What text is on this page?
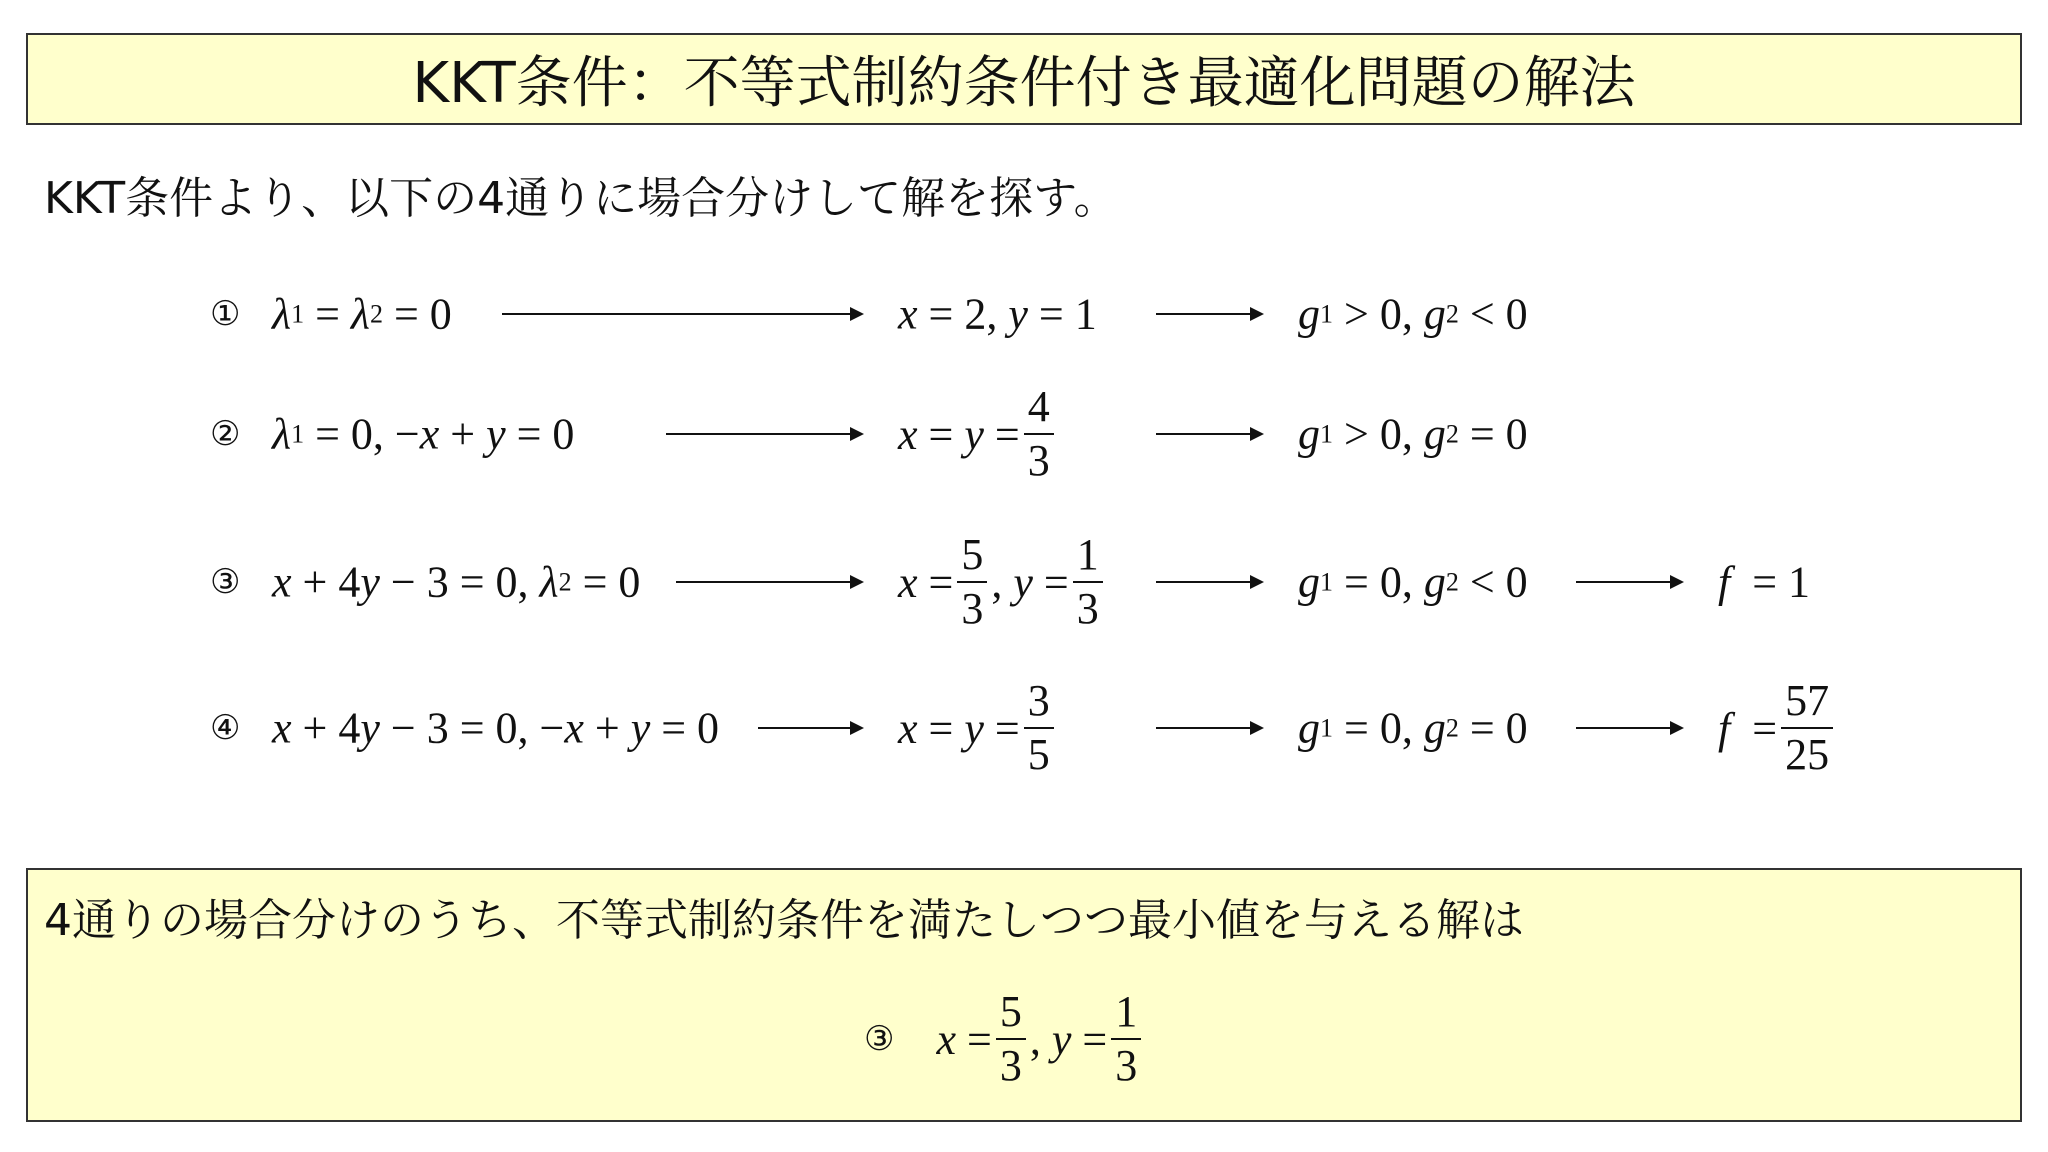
KKT条件：不等式制約条件付き最適化問題の解法
KKT条件より、以下の4通りに場合分けして解を探す。
① λ 1 = λ 2 = 0	x = 2, y = 1	g 1 > 0, g 2 < 0
② λ 1 = 0, − x + y = 0	$x = y = \frac{4}{3}$	g 1 > 0, g 2 = 0
③ x + 4 y − 3 = 0, λ 2 = 0	$x = \frac{5}{3}$ , $y = \frac{1}{3}$	g 1 = 0, g 2 < 0	f = 1
④ x + 4 y − 3 = 0, − x + y = 0	$x = y = \frac{3}{5}$	g 1 = 0, g 2 = 0	$f = \frac{57}{25}$
4通りの場合分けのうち、不等式制約条件を満たしつつ最小値を与える解は
③ $x = \frac{5}{3}$ , $y = \frac{1}{3}$
